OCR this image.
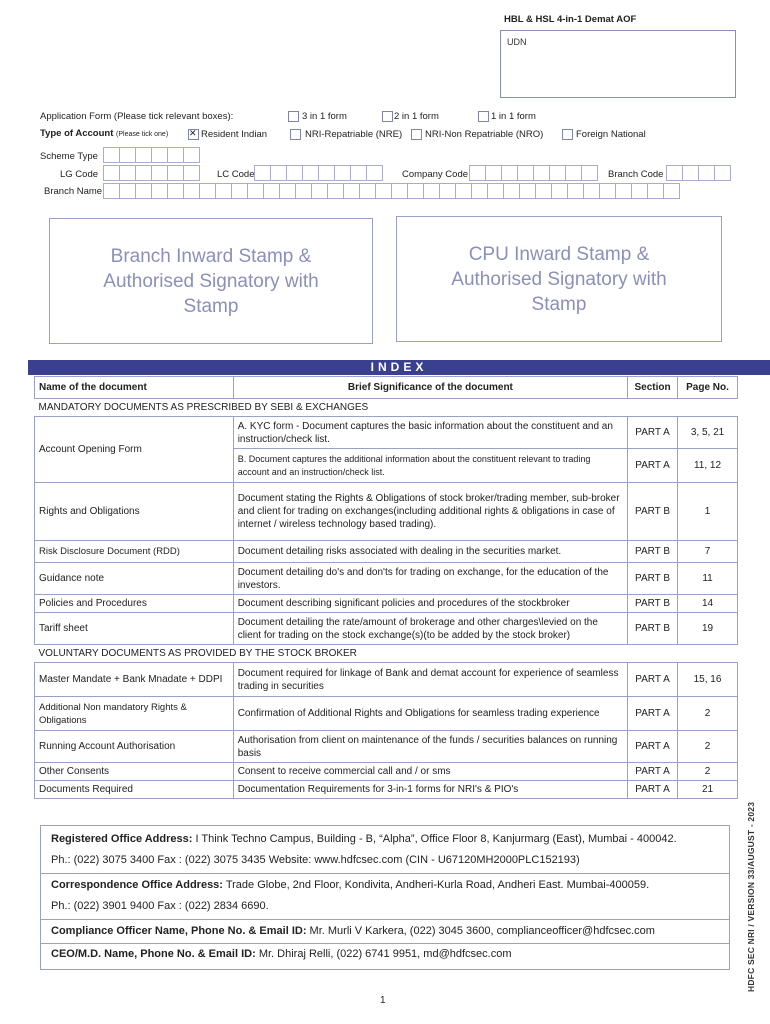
HBL & HSL 4-in-1 Demat AOF
UDN
Application Form (Please tick relevant boxes):	3 in 1 form	2 in 1 form	1 in 1 form
Type of Account (Please tick one) ✕	Resident Indian	NRI-Repatriable (NRE) NRI-Non Repatriable (NRO)	Foreign National
Scheme Type
LG Code	LC Code	Company Code	Branch Code
Branch Name
Branch Inward Stamp & Authorised Signatory with Stamp
CPU Inward Stamp & Authorised Signatory with Stamp
INDEX
Name of the document	Brief Significance of the document	Section	Page No.
MANDATORY DOCUMENTS AS PRESCRIBED BY SEBI & EXCHANGES			
Account Opening Form	A. KYC form - Document captures the basic information about the constituent and an instruction/check list.	PART A	3, 5, 21
	B. Document captures the additional information about the constituent relevant to trading account and an instruction/check list.	PART A	11, 12
Rights and Obligations	Document stating the Rights & Obligations of stock broker/trading member, sub-broker and client for trading on exchanges(including additional rights & obligations in case of internet / wireless technology based trading).	PART B	1
Risk Disclosure Document (RDD)	Document detailing risks associated with dealing in the securities market.	PART B	7
Guidance note	Document detailing do's and don'ts for trading on exchange, for the education of the investors.	PART B	11
Policies and Procedures	Document describing significant policies and procedures of the stockbroker	PART B	14
Tariff sheet	Document detailing the rate/amount of brokerage and other charges\levied on the client for trading on the stock exchange(s)(to be added by the stock broker)	PART B	19
VOLUNTARY DOCUMENTS AS PROVIDED BY THE STOCK BROKER			
Master Mandate + Bank Mnadate + DDPI	Document required for linkage of Bank and demat account for experience of seamless trading in securities	PART A	15, 16
Additional Non mandatory Rights & Obligations	Confirmation of Additional Rights and Obligations for seamless trading experience	PART A	2
Running Account Authorisation	Authorisation from client on maintenance of the funds / securities balances on running basis	PART A	2
Other Consents	Consent to receive commercial call and / or sms	PART A	2
Documents Required	Documentation Requirements for 3-in-1 forms for NRI's & PIO's	PART A	21
Registered Office Address: I Think Techno Campus, Building - B, “Alpha”, Office Floor 8, Kanjurmarg (East), Mumbai - 400042.
Ph.: (022) 3075 3400 Fax : (022) 3075 3435 Website: www.hdfcsec.com (CIN - U67120MH2000PLC152193)
Correspondence Office Address: Trade Globe, 2nd Floor, Kondivita, Andheri-Kurla Road, Andheri East. Mumbai-400059.
Ph.: (022) 3901 9400 Fax : (022) 2834 6690.
Compliance Officer Name, Phone No. & Email ID: Mr. Murli V Karkera, (022) 3045 3600, complianceofficer@hdfcsec.com
CEO/M.D. Name, Phone No. & Email ID: Mr. Dhiraj Relli, (022) 6741 9951, md@hdfcsec.com	HDFC SEC NRI / VERSION 33/AUGUST - 2023
1
